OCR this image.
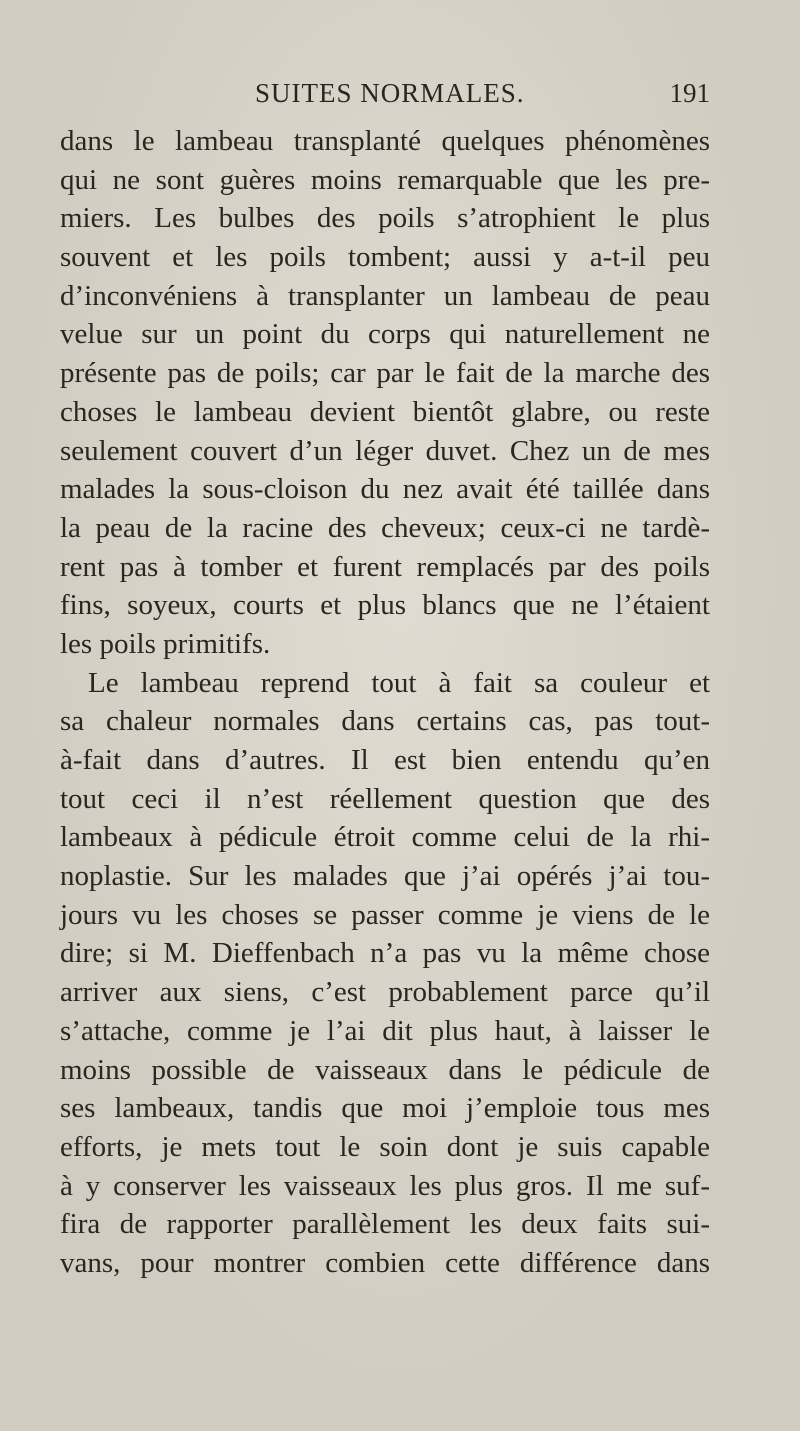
SUITES NORMALES.	191
dans le lambeau transplanté quelques phénomènes
qui ne sont guères moins remarquable que les pre-
miers. Les bulbes des poils s’atrophient le plus
souvent et les poils tombent; aussi y a-t-il peu
d’inconvéniens à transplanter un lambeau de peau
velue sur un point du corps qui naturellement ne
présente pas de poils; car par le fait de la marche des
choses le lambeau devient bientôt glabre, ou reste
seulement couvert d’un léger duvet. Chez un de mes
malades la sous-cloison du nez avait été taillée dans
la peau de la racine des cheveux; ceux-ci ne tardè-
rent pas à tomber et furent remplacés par des poils
fins, soyeux, courts et plus blancs que ne l’étaient
les poils primitifs.
Le lambeau reprend tout à fait sa couleur et
sa chaleur normales dans certains cas, pas tout-
à-fait dans d’autres. Il est bien entendu qu’en
tout ceci il n’est réellement question que des
lambeaux à pédicule étroit comme celui de la rhi-
noplastie. Sur les malades que j’ai opérés j’ai tou-
jours vu les choses se passer comme je viens de le
dire; si M. Dieffenbach n’a pas vu la même chose
arriver aux siens, c’est probablement parce qu’il
s’attache, comme je l’ai dit plus haut, à laisser le
moins possible de vaisseaux dans le pédicule de
ses lambeaux, tandis que moi j’emploie tous mes
efforts, je mets tout le soin dont je suis capable
à y conserver les vaisseaux les plus gros. Il me suf-
fira de rapporter parallèlement les deux faits sui-
vans, pour montrer combien cette différence dans
